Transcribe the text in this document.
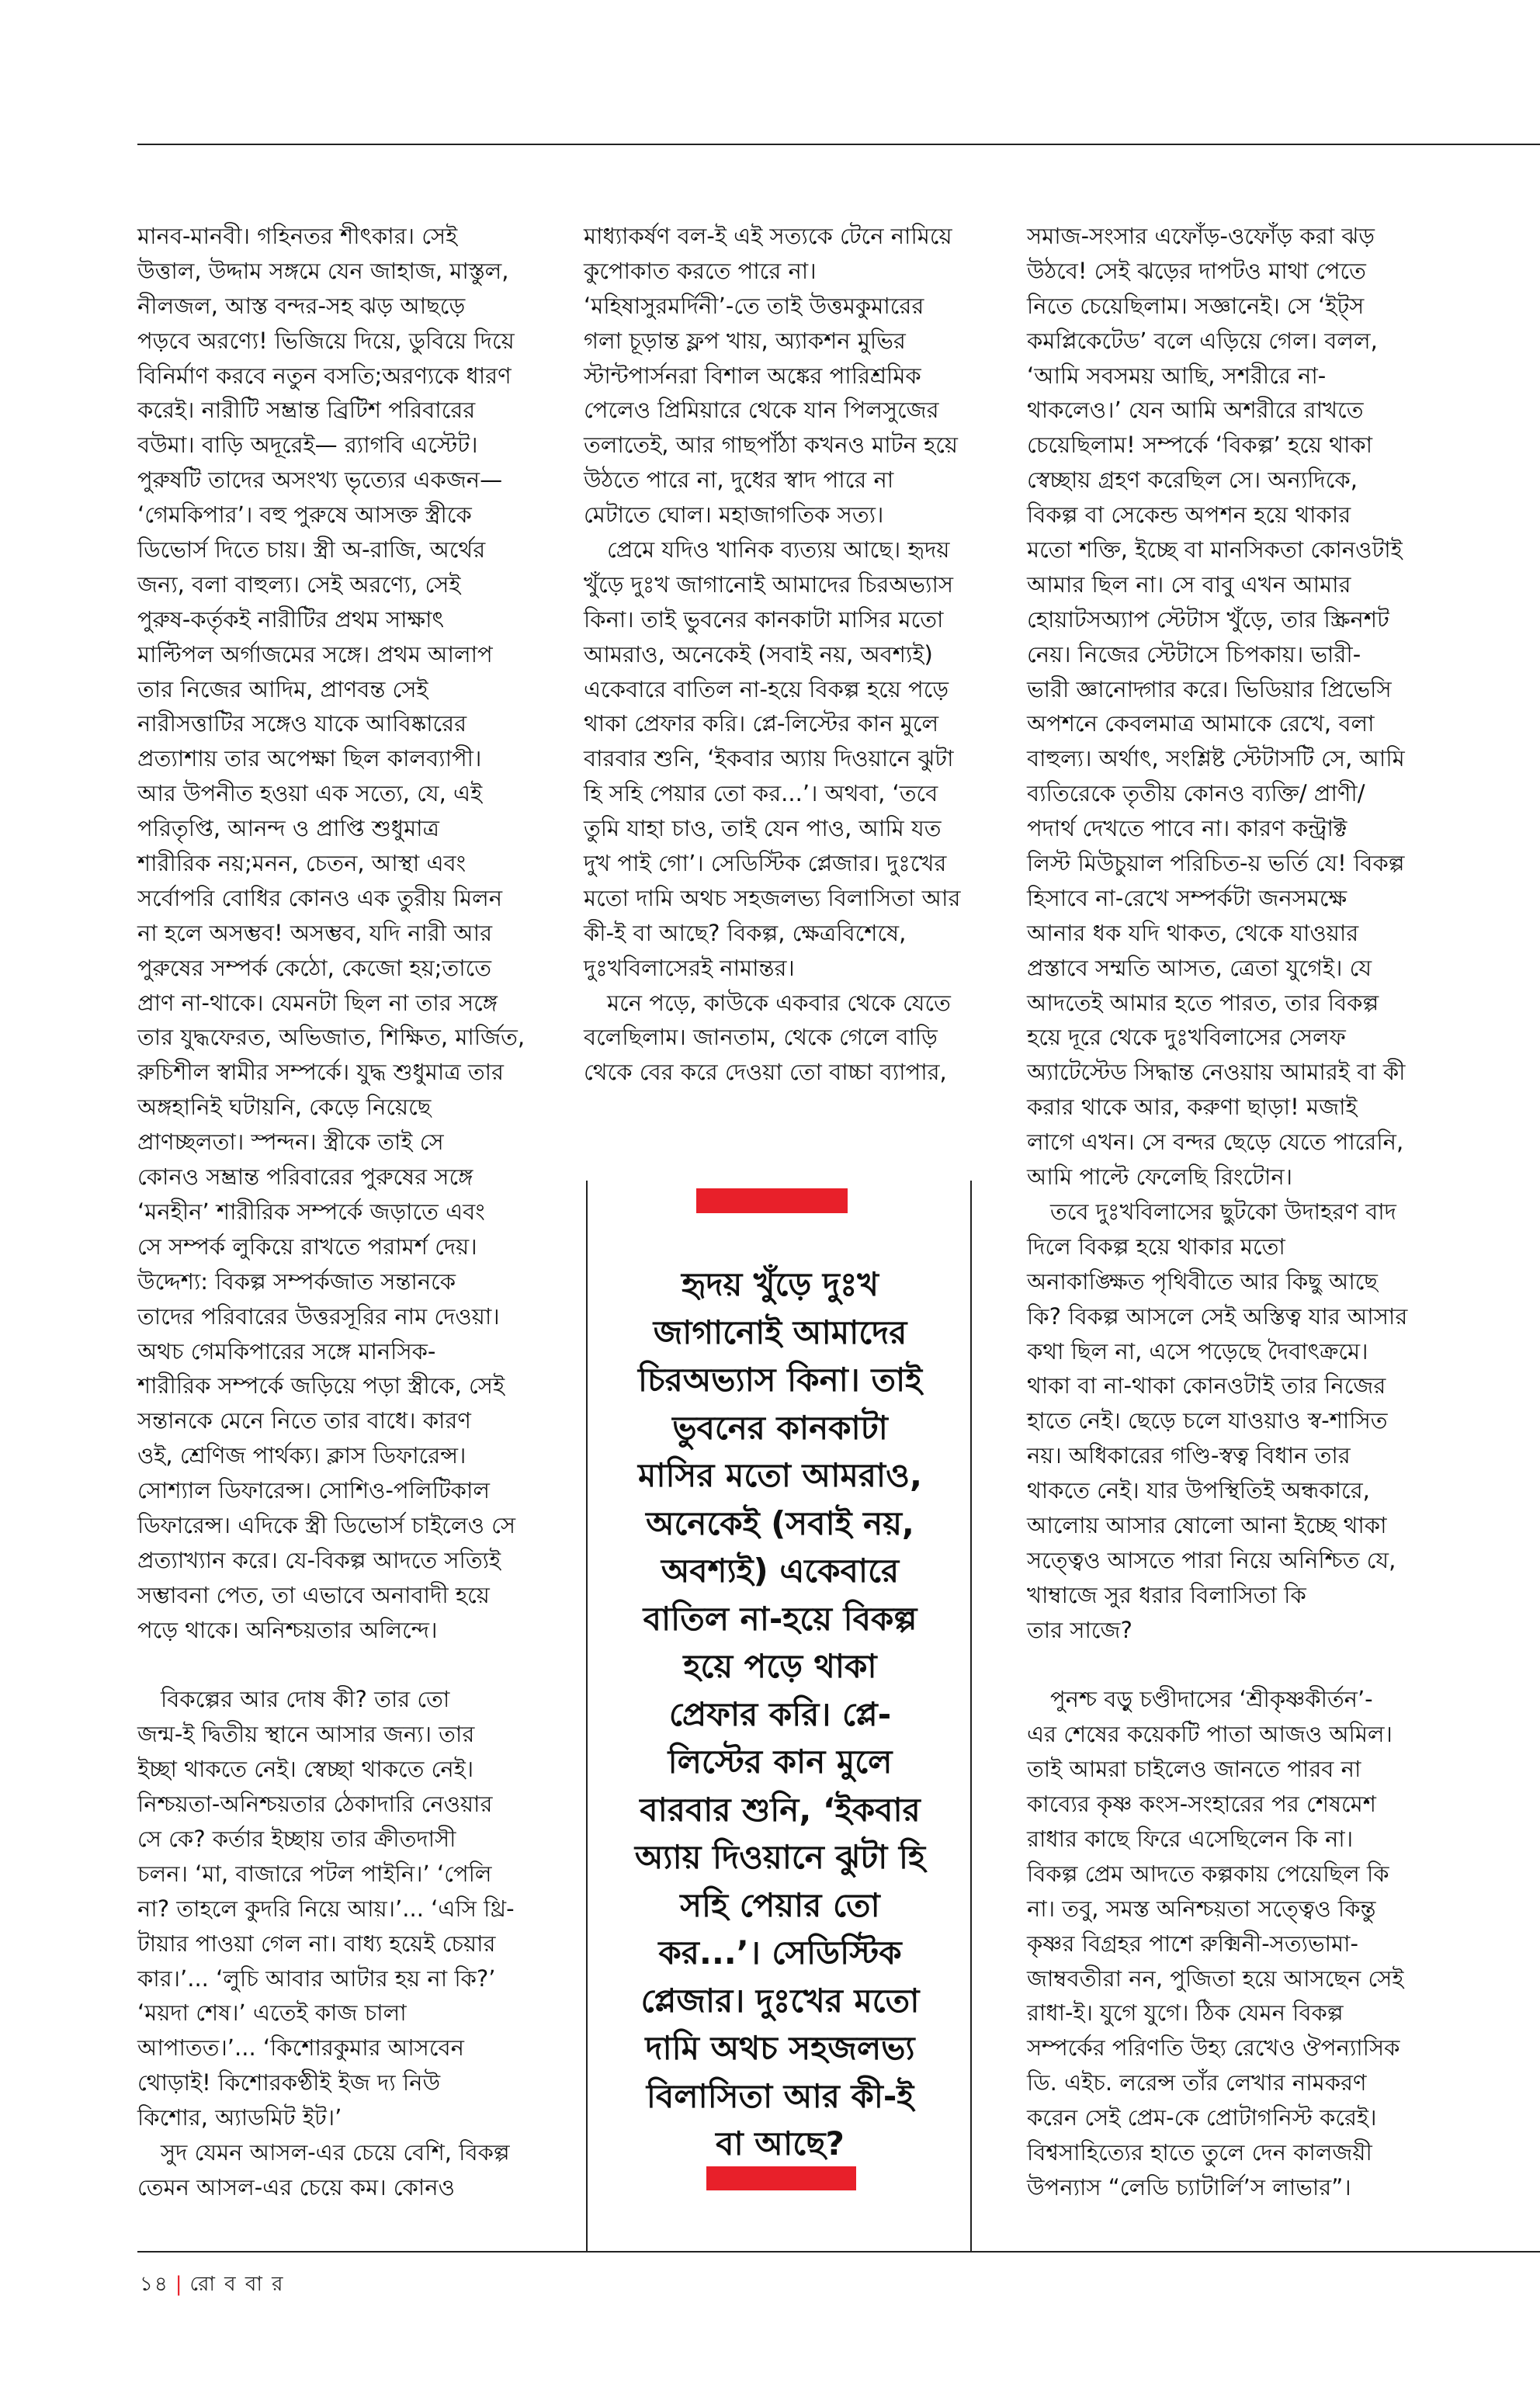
মানব-মানবী। গহিনতর শীৎকার। সেই
উত্তাল, উদ্দাম সঙ্গমে যেন জাহাজ, মাস্তুল,
নীলজল, আস্ত বন্দর-সহ ঝড় আছড়ে
পড়বে অরণ্যে! ভিজিয়ে দিয়ে, ডুবিয়ে দিয়ে
বিনির্মাণ করবে নতুন বসতি;অরণ্যকে ধারণ
করেই। নারীটি সম্ভ্রান্ত ব্রিটিশ পরিবারের
বউমা। বাড়ি অদূরেই— র‍্যাগবি এস্টেট।
পুরুষটি তাদের অসংখ্য ভৃত্যের একজন—
‘গেমকিপার’। বহু পুরুষে আসক্ত স্ত্রীকে
ডিভোর্স দিতে চায়। স্ত্রী অ-রাজি, অর্থের
জন্য, বলা বাহুল্য। সেই অরণ্যে, সেই
পুরুষ-কর্তৃকই নারীটির প্রথম সাক্ষাৎ
মাল্টিপল অর্গাজমের সঙ্গে। প্রথম আলাপ
তার নিজের আদিম, প্রাণবন্ত সেই
নারীসত্তাটির সঙ্গেও যাকে আবিষ্কারের
প্রত্যাশায় তার অপেক্ষা ছিল কালব্যাপী।
আর উপনীত হওয়া এক সত্যে, যে, এই
পরিতৃপ্তি, আনন্দ ও প্রাপ্তি শুধুমাত্র
শারীরিক নয়;মনন, চেতন, আস্থা এবং
সর্বোপরি বোধির কোনও এক তুরীয় মিলন
না হলে অসম্ভব! অসম্ভব, যদি নারী আর
পুরুষের সম্পর্ক কেঠো, কেজো হয়;তাতে
প্রাণ না-থাকে। যেমনটা ছিল না তার সঙ্গে
তার যুদ্ধফেরত, অভিজাত, শিক্ষিত, মার্জিত,
রুচিশীল স্বামীর সম্পর্কে। যুদ্ধ শুধুমাত্র তার
অঙ্গহানিই ঘটায়নি, কেড়ে নিয়েছে
প্রাণচ্ছলতা। স্পন্দন। স্ত্রীকে তাই সে
কোনও সম্ভ্রান্ত পরিবারের পুরুষের সঙ্গে
‘মনহীন’ শারীরিক সম্পর্কে জড়াতে এবং
সে সম্পর্ক লুকিয়ে রাখতে পরামর্শ দেয়।
উদ্দেশ্য: বিকল্প সম্পর্কজাত সন্তানকে
তাদের পরিবারের উত্তরসূরির নাম দেওয়া।
অথচ গেমকিপারের সঙ্গে মানসিক-
শারীরিক সম্পর্কে জড়িয়ে পড়া স্ত্রীকে, সেই
সন্তানকে মেনে নিতে তার বাধে। কারণ
ওই, শ্রেণিজ পার্থক্য। ক্লাস ডিফারেন্স।
সোশ্যাল ডিফারেন্স। সোশিও-পলিটিকাল
ডিফারেন্স। এদিকে স্ত্রী ডিভোর্স চাইলেও সে
প্রত্যাখ্যান করে। যে-বিকল্প আদতে সত্যিই
সম্ভাবনা পেত, তা এভাবে অনাবাদী হয়ে
পড়ে থাকে। অনিশ্চয়তার অলিন্দে।
বিকল্পের আর দোষ কী? তার তো
জন্ম-ই দ্বিতীয় স্থানে আসার জন্য। তার
ইচ্ছা থাকতে নেই। স্বেচ্ছা থাকতে নেই।
নিশ্চয়তা-অনিশ্চয়তার ঠেকাদারি নেওয়ার
সে কে? কর্তার ইচ্ছায় তার ক্রীতদাসী
চলন। ‘মা, বাজারে পটল পাইনি।’ ‘পেলি
না? তাহলে কুদরি নিয়ে আয়।’... ‘এসি থ্রি-
টায়ার পাওয়া গেল না। বাধ্য হয়েই চেয়ার
কার।’... ‘লুচি আবার আটার হয় না কি?’
‘ময়দা শেষ।’ এতেই কাজ চালা
আপাতত।’... ‘কিশোরকুমার আসবেন
থোড়াই! কিশোরকণ্ঠীই ইজ দ্য নিউ
কিশোর, অ্যাডমিট ইট।’
সুদ যেমন আসল-এর চেয়ে বেশি, বিকল্প
তেমন আসল-এর চেয়ে কম। কোনও
মাধ্যাকর্ষণ বল-ই এই সত্যকে টেনে নামিয়ে
কুপোকাত করতে পারে না।
‘মহিষাসুরমর্দিনী’-তে তাই উত্তমকুমারের
গলা চূড়ান্ত ফ্লপ খায়, অ্যাকশন মুভির
স্টান্টপার্সনরা বিশাল অঙ্কের পারিশ্রমিক
পেলেও প্রিমিয়ারে থেকে যান পিলসুজের
তলাতেই, আর গাছপাঁঠা কখনও মাটন হয়ে
উঠতে পারে না, দুধের স্বাদ পারে না
মেটাতে ঘোল। মহাজাগতিক সত্য।
প্রেমে যদিও খানিক ব্যত্যয় আছে। হৃদয়
খুঁড়ে দুঃখ জাগানোই আমাদের চিরঅভ্যাস
কিনা। তাই ভুবনের কানকাটা মাসির মতো
আমরাও, অনেকেই (সবাই নয়, অবশ্যই)
একেবারে বাতিল না-হয়ে বিকল্প হয়ে পড়ে
থাকা প্রেফার করি। প্লে-লিস্টের কান মুলে
বারবার শুনি, ‘ইকবার অ্যায় দিওয়ানে ঝুটা
হি সহি পেয়ার তো কর...’। অথবা, ‘তবে
তুমি যাহা চাও, তাই যেন পাও, আমি যত
দুখ পাই গো’। সেডিস্টিক প্লেজার। দুঃখের
মতো দামি অথচ সহজলভ্য বিলাসিতা আর
কী-ই বা আছে? বিকল্প, ক্ষেত্রবিশেষে,
দুঃখবিলাসেরই নামান্তর।
মনে পড়ে, কাউকে একবার থেকে যেতে
বলেছিলাম। জানতাম, থেকে গেলে বাড়ি
থেকে বের করে দেওয়া তো বাচ্চা ব্যাপার,
সমাজ-সংসার এফোঁড়-ওফোঁড় করা ঝড়
উঠবে! সেই ঝড়ের দাপটও মাথা পেতে
নিতে চেয়েছিলাম। সজ্ঞানেই। সে ‘ইট্স
কমপ্লিকেটেড’ বলে এড়িয়ে গেল। বলল,
‘আমি সবসময় আছি, সশরীরে না-
থাকলেও।’ যেন আমি অশরীরে রাখতে
চেয়েছিলাম! সম্পর্কে ‘বিকল্প’ হয়ে থাকা
স্বেচ্ছায় গ্রহণ করেছিল সে। অন্যদিকে,
বিকল্প বা সেকেন্ড অপশন হয়ে থাকার
মতো শক্তি, ইচ্ছে বা মানসিকতা কোনওটাই
আমার ছিল না। সে বাবু এখন আমার
হোয়াটসঅ্যাপ স্টেটাস খুঁড়ে, তার স্ক্রিনশট
নেয়। নিজের স্টেটাসে চিপকায়। ভারী-
ভারী জ্ঞানোদ্গার করে। ভিডিয়ার প্রিভেসি
অপশনে কেবলমাত্র আমাকে রেখে, বলা
বাহুল্য। অর্থাৎ, সংশ্লিষ্ট স্টেটাসটি সে, আমি
ব্যতিরেকে তৃতীয় কোনও ব্যক্তি/ প্রাণী/
পদার্থ দেখতে পাবে না। কারণ কন্ট্রাক্ট
লিস্ট মিউচুয়াল পরিচিত-য় ভর্তি যে! বিকল্প
হিসাবে না-রেখে সম্পর্কটা জনসমক্ষে
আনার ধক যদি থাকত, থেকে যাওয়ার
প্রস্তাবে সম্মতি আসত, ত্রেতা যুগেই। যে
আদতেই আমার হতে পারত, তার বিকল্প
হয়ে দূরে থেকে দুঃখবিলাসের সেলফ
অ্যাটেস্টেড সিদ্ধান্ত নেওয়ায় আমারই বা কী
করার থাকে আর, করুণা ছাড়া! মজাই
লাগে এখন। সে বন্দর ছেড়ে যেতে পারেনি,
আমি পাল্টে ফেলেছি রিংটোন।
তবে দুঃখবিলাসের ছুটকো উদাহরণ বাদ
দিলে বিকল্প হয়ে থাকার মতো
অনাকাঙ্ক্ষিত পৃথিবীতে আর কিছু আছে
কি? বিকল্প আসলে সেই অস্তিত্ব যার আসার
কথা ছিল না, এসে পড়েছে দৈবাৎক্রমে।
থাকা বা না-থাকা কোনওটাই তার নিজের
হাতে নেই। ছেড়ে চলে যাওয়াও স্ব-শাসিত
নয়। অধিকারের গণ্ডি-স্বত্ব বিধান তার
থাকতে নেই। যার উপস্থিতিই অন্ধকারে,
আলোয় আসার ষোলো আনা ইচ্ছে থাকা
সত্ত্বেও আসতে পারা নিয়ে অনিশ্চিত যে,
খাম্বাজে সুর ধরার বিলাসিতা কি
তার সাজে?
পুনশ্চ বড়ু চণ্ডীদাসের ‘শ্রীকৃষ্ণকীর্তন’-
এর শেষের কয়েকটি পাতা আজও অমিল।
তাই আমরা চাইলেও জানতে পারব না
কাব্যের কৃষ্ণ কংস-সংহারের পর শেষমেশ
রাধার কাছে ফিরে এসেছিলেন কি না।
বিকল্প প্রেম আদতে কল্পকায় পেয়েছিল কি
না। তবু, সমস্ত অনিশ্চয়তা সত্ত্বেও কিন্তু
কৃষ্ণর বিগ্রহর পাশে রুক্মিনী-সত্যভামা-
জাম্ববতীরা নন, পুজিতা হয়ে আসছেন সেই
রাধা-ই। যুগে যুগে। ঠিক যেমন বিকল্প
সম্পর্কের পরিণতি উহ্য রেখেও ঔপন্যাসিক
ডি. এইচ. লরেন্স তাঁর লেখার নামকরণ
করেন সেই প্রেম-কে প্রোটাগনিস্ট করেই।
বিশ্বসাহিত্যের হাতে তুলে দেন কালজয়ী
উপন্যাস “লেডি চ্যাটার্লি’স লাভার”।
হৃদয় খুঁড়ে দুঃখ
জাগানোই আমাদের
চিরঅভ্যাস কিনা। তাই
ভুবনের কানকাটা
মাসির মতো আমরাও,
অনেকেই (সবাই নয়,
অবশ্যই) একেবারে
বাতিল না-হয়ে বিকল্প
হয়ে পড়ে থাকা
প্রেফার করি। প্লে-
লিস্টের কান মুলে
বারবার শুনি, ‘ইকবার
অ্যায় দিওয়ানে ঝুটা হি
সহি পেয়ার তো
কর...’। সেডিস্টিক
প্লেজার। দুঃখের মতো
দামি অথচ সহজলভ্য
বিলাসিতা আর কী-ই
বা আছে?
১৪ | রো ব বা র
